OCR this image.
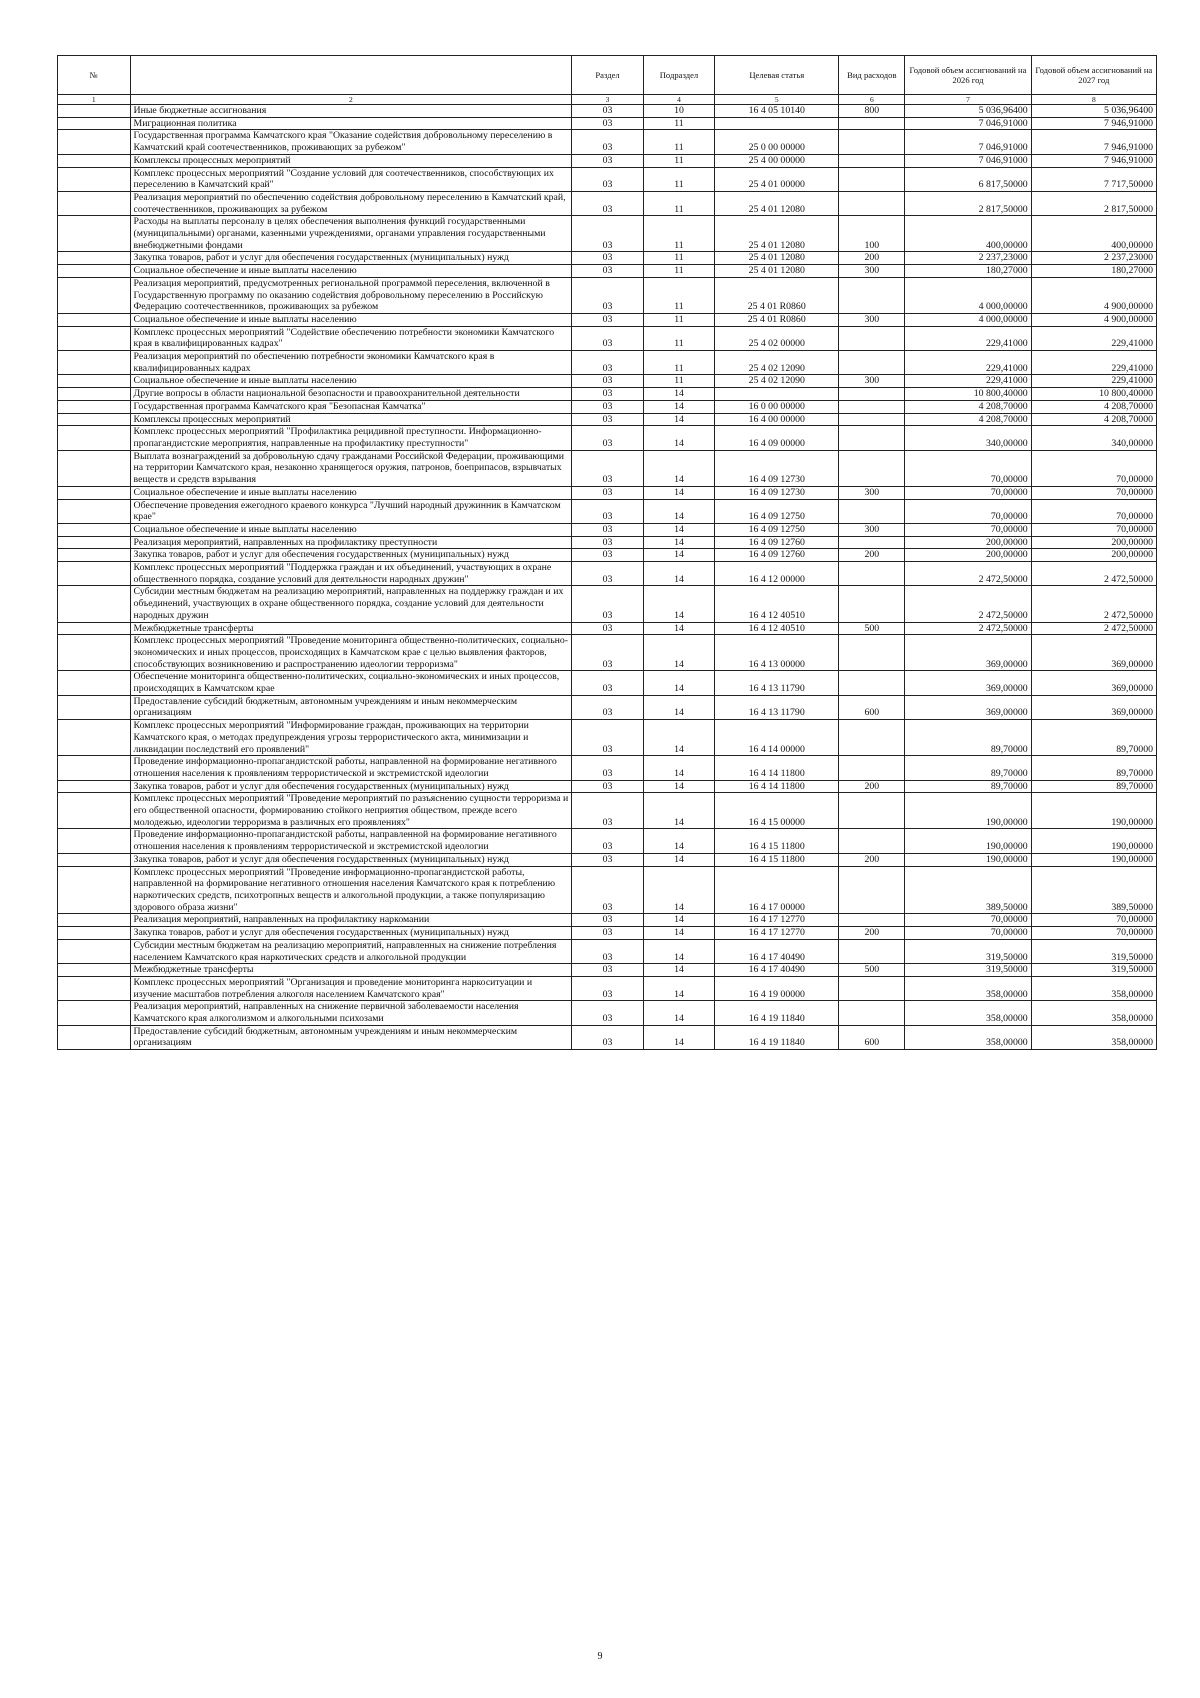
№		Раздел	Подраздел	Целевая статья	Вид расходов	Годовой объем ассигнований на 2026 год	Годовой объем ассигнований на 2027 год
1	2	3	4	5	6	7	8
	Иные бюджетные ассигнования	03	10	16 4 05 10140	800	5 036,96400	5 036,96400
	Миграционная политика	03	11			7 046,91000	7 946,91000
	Государственная программа Камчатского края "Оказание содействия добровольному переселению в Камчатский край соотечественников, проживающих за рубежом"	03	11	25 0 00 00000		7 046,91000	7 946,91000
	Комплексы процессных мероприятий	03	11	25 4 00 00000		7 046,91000	7 946,91000
	Комплекс процессных мероприятий "Создание условий для соотечественников, способствующих их переселению в Камчатский край"	03	11	25 4 01 00000		6 817,50000	7 717,50000
	Реализация мероприятий по обеспечению содействия добровольному переселению в Камчатский край, соотечественников, проживающих за рубежом	03	11	25 4 01 12080		2 817,50000	2 817,50000
	Расходы на выплаты персоналу в целях обеспечения выполнения функций государственными (муниципальными) органами, казенными учреждениями, органами управления государственными внебюджетными фондами	03	11	25 4 01 12080	100	400,00000	400,00000
	Закупка товаров, работ и услуг для обеспечения государственных (муниципальных) нужд	03	11	25 4 01 12080	200	2 237,23000	2 237,23000
	Социальное обеспечение и иные выплаты населению	03	11	25 4 01 12080	300	180,27000	180,27000
	Реализация мероприятий, предусмотренных региональной программой переселения, включенной в Государственную программу по оказанию содействия добровольному переселению в Российскую Федерацию соотечественников, проживающих за рубежом	03	11	25 4 01 R0860		4 000,00000	4 900,00000
	Социальное обеспечение и иные выплаты населению	03	11	25 4 01 R0860	300	4 000,00000	4 900,00000
	Комплекс процессных мероприятий "Содействие обеспечению потребности экономики Камчатского края в квалифицированных кадрах"	03	11	25 4 02 00000		229,41000	229,41000
	Реализация мероприятий по обеспечению потребности экономики Камчатского края в квалифицированных кадрах	03	11	25 4 02 12090		229,41000	229,41000
	Социальное обеспечение и иные выплаты населению	03	11	25 4 02 12090	300	229,41000	229,41000
	Другие вопросы в области национальной безопасности и правоохранительной деятельности	03	14			10 800,40000	10 800,40000
	Государственная программа Камчатского края "Безопасная Камчатка"	03	14	16 0 00 00000		4 208,70000	4 208,70000
	Комплексы процессных мероприятий	03	14	16 4 00 00000		4 208,70000	4 208,70000
	Комплекс процессных мероприятий "Профилактика рецидивной преступности. Информационно-пропагандистские мероприятия, направленные на профилактику преступности"	03	14	16 4 09 00000		340,00000	340,00000
	Выплата вознаграждений за добровольную сдачу гражданами Российской Федерации, проживающими на территории Камчатского края, незаконно хранящегося оружия, патронов, боеприпасов, взрывчатых веществ и средств взрывания	03	14	16 4 09 12730		70,00000	70,00000
	Социальное обеспечение и иные выплаты населению	03	14	16 4 09 12730	300	70,00000	70,00000
	Обеспечение проведения ежегодного краевого конкурса "Лучший народный дружинник в Камчатском крае"	03	14	16 4 09 12750		70,00000	70,00000
	Социальное обеспечение и иные выплаты населению	03	14	16 4 09 12750	300	70,00000	70,00000
	Реализация мероприятий, направленных на профилактику преступности	03	14	16 4 09 12760		200,00000	200,00000
	Закупка товаров, работ и услуг для обеспечения государственных (муниципальных) нужд	03	14	16 4 09 12760	200	200,00000	200,00000
	Комплекс процессных мероприятий "Поддержка граждан и их объединений, участвующих в охране общественного порядка, создание условий для деятельности народных дружин"	03	14	16 4 12 00000		2 472,50000	2 472,50000
	Субсидии местным бюджетам на реализацию мероприятий, направленных на поддержку граждан и их объединений, участвующих в охране общественного порядка, создание условий для деятельности народных дружин	03	14	16 4 12 40510		2 472,50000	2 472,50000
	Межбюджетные трансферты	03	14	16 4 12 40510	500	2 472,50000	2 472,50000
	Комплекс процессных мероприятий "Проведение мониторинга общественно-политических, социально-экономических и иных процессов, происходящих в Камчатском крае с целью выявления факторов, способствующих возникновению и распространению идеологии терроризма"	03	14	16 4 13 00000		369,00000	369,00000
	Обеспечение мониторинга общественно-политических, социально-экономических и иных процессов, происходящих в Камчатском крае	03	14	16 4 13 11790		369,00000	369,00000
	Предоставление субсидий бюджетным, автономным учреждениям и иным некоммерческим организациям	03	14	16 4 13 11790	600	369,00000	369,00000
	Комплекс процессных мероприятий "Информирование граждан, проживающих на территории Камчатского края, о методах предупреждения угрозы террористического акта, минимизации и ликвидации последствий его проявлений"	03	14	16 4 14 00000		89,70000	89,70000
	Проведение информационно-пропагандистской работы, направленной на формирование негативного отношения населения к проявлениям террористической и экстремистской идеологии	03	14	16 4 14 11800		89,70000	89,70000
	Закупка товаров, работ и услуг для обеспечения государственных (муниципальных) нужд	03	14	16 4 14 11800	200	89,70000	89,70000
	Комплекс процессных мероприятий "Проведение мероприятий по разъяснению сущности терроризма и его общественной опасности, формированию стойкого неприятия обществом, прежде всего молодежью, идеологии терроризма в различных его проявлениях"	03	14	16 4 15 00000		190,00000	190,00000
	Проведение информационно-пропагандистской работы, направленной на формирование негативного отношения населения к проявлениям террористической и экстремистской идеологии	03	14	16 4 15 11800		190,00000	190,00000
	Закупка товаров, работ и услуг для обеспечения государственных (муниципальных) нужд	03	14	16 4 15 11800	200	190,00000	190,00000
	Комплекс процессных мероприятий "Проведение информационно-пропагандистской работы, направленной на формирование негативного отношения населения Камчатского края к потреблению наркотических средств, психотропных веществ и алкогольной продукции, а также популяризацию здорового образа жизни"	03	14	16 4 17 00000		389,50000	389,50000
	Реализация мероприятий, направленных на профилактику наркомании	03	14	16 4 17 12770		70,00000	70,00000
	Закупка товаров, работ и услуг для обеспечения государственных (муниципальных) нужд	03	14	16 4 17 12770	200	70,00000	70,00000
	Субсидии местным бюджетам на реализацию мероприятий, направленных на снижение потребления населением Камчатского края наркотических средств и алкогольной продукции	03	14	16 4 17 40490		319,50000	319,50000
	Межбюджетные трансферты	03	14	16 4 17 40490	500	319,50000	319,50000
	Комплекс процессных мероприятий "Организация и проведение мониторинга наркоситуации и изучение масштабов потребления алкоголя населением Камчатского края"	03	14	16 4 19 00000		358,00000	358,00000
	Реализация мероприятий, направленных на снижение первичной заболеваемости населения Камчатского края алкоголизмом и алкогольными психозами	03	14	16 4 19 11840		358,00000	358,00000
	Предоставление субсидий бюджетным, автономным учреждениям и иным некоммерческим организациям	03	14	16 4 19 11840	600	358,00000	358,00000
9
